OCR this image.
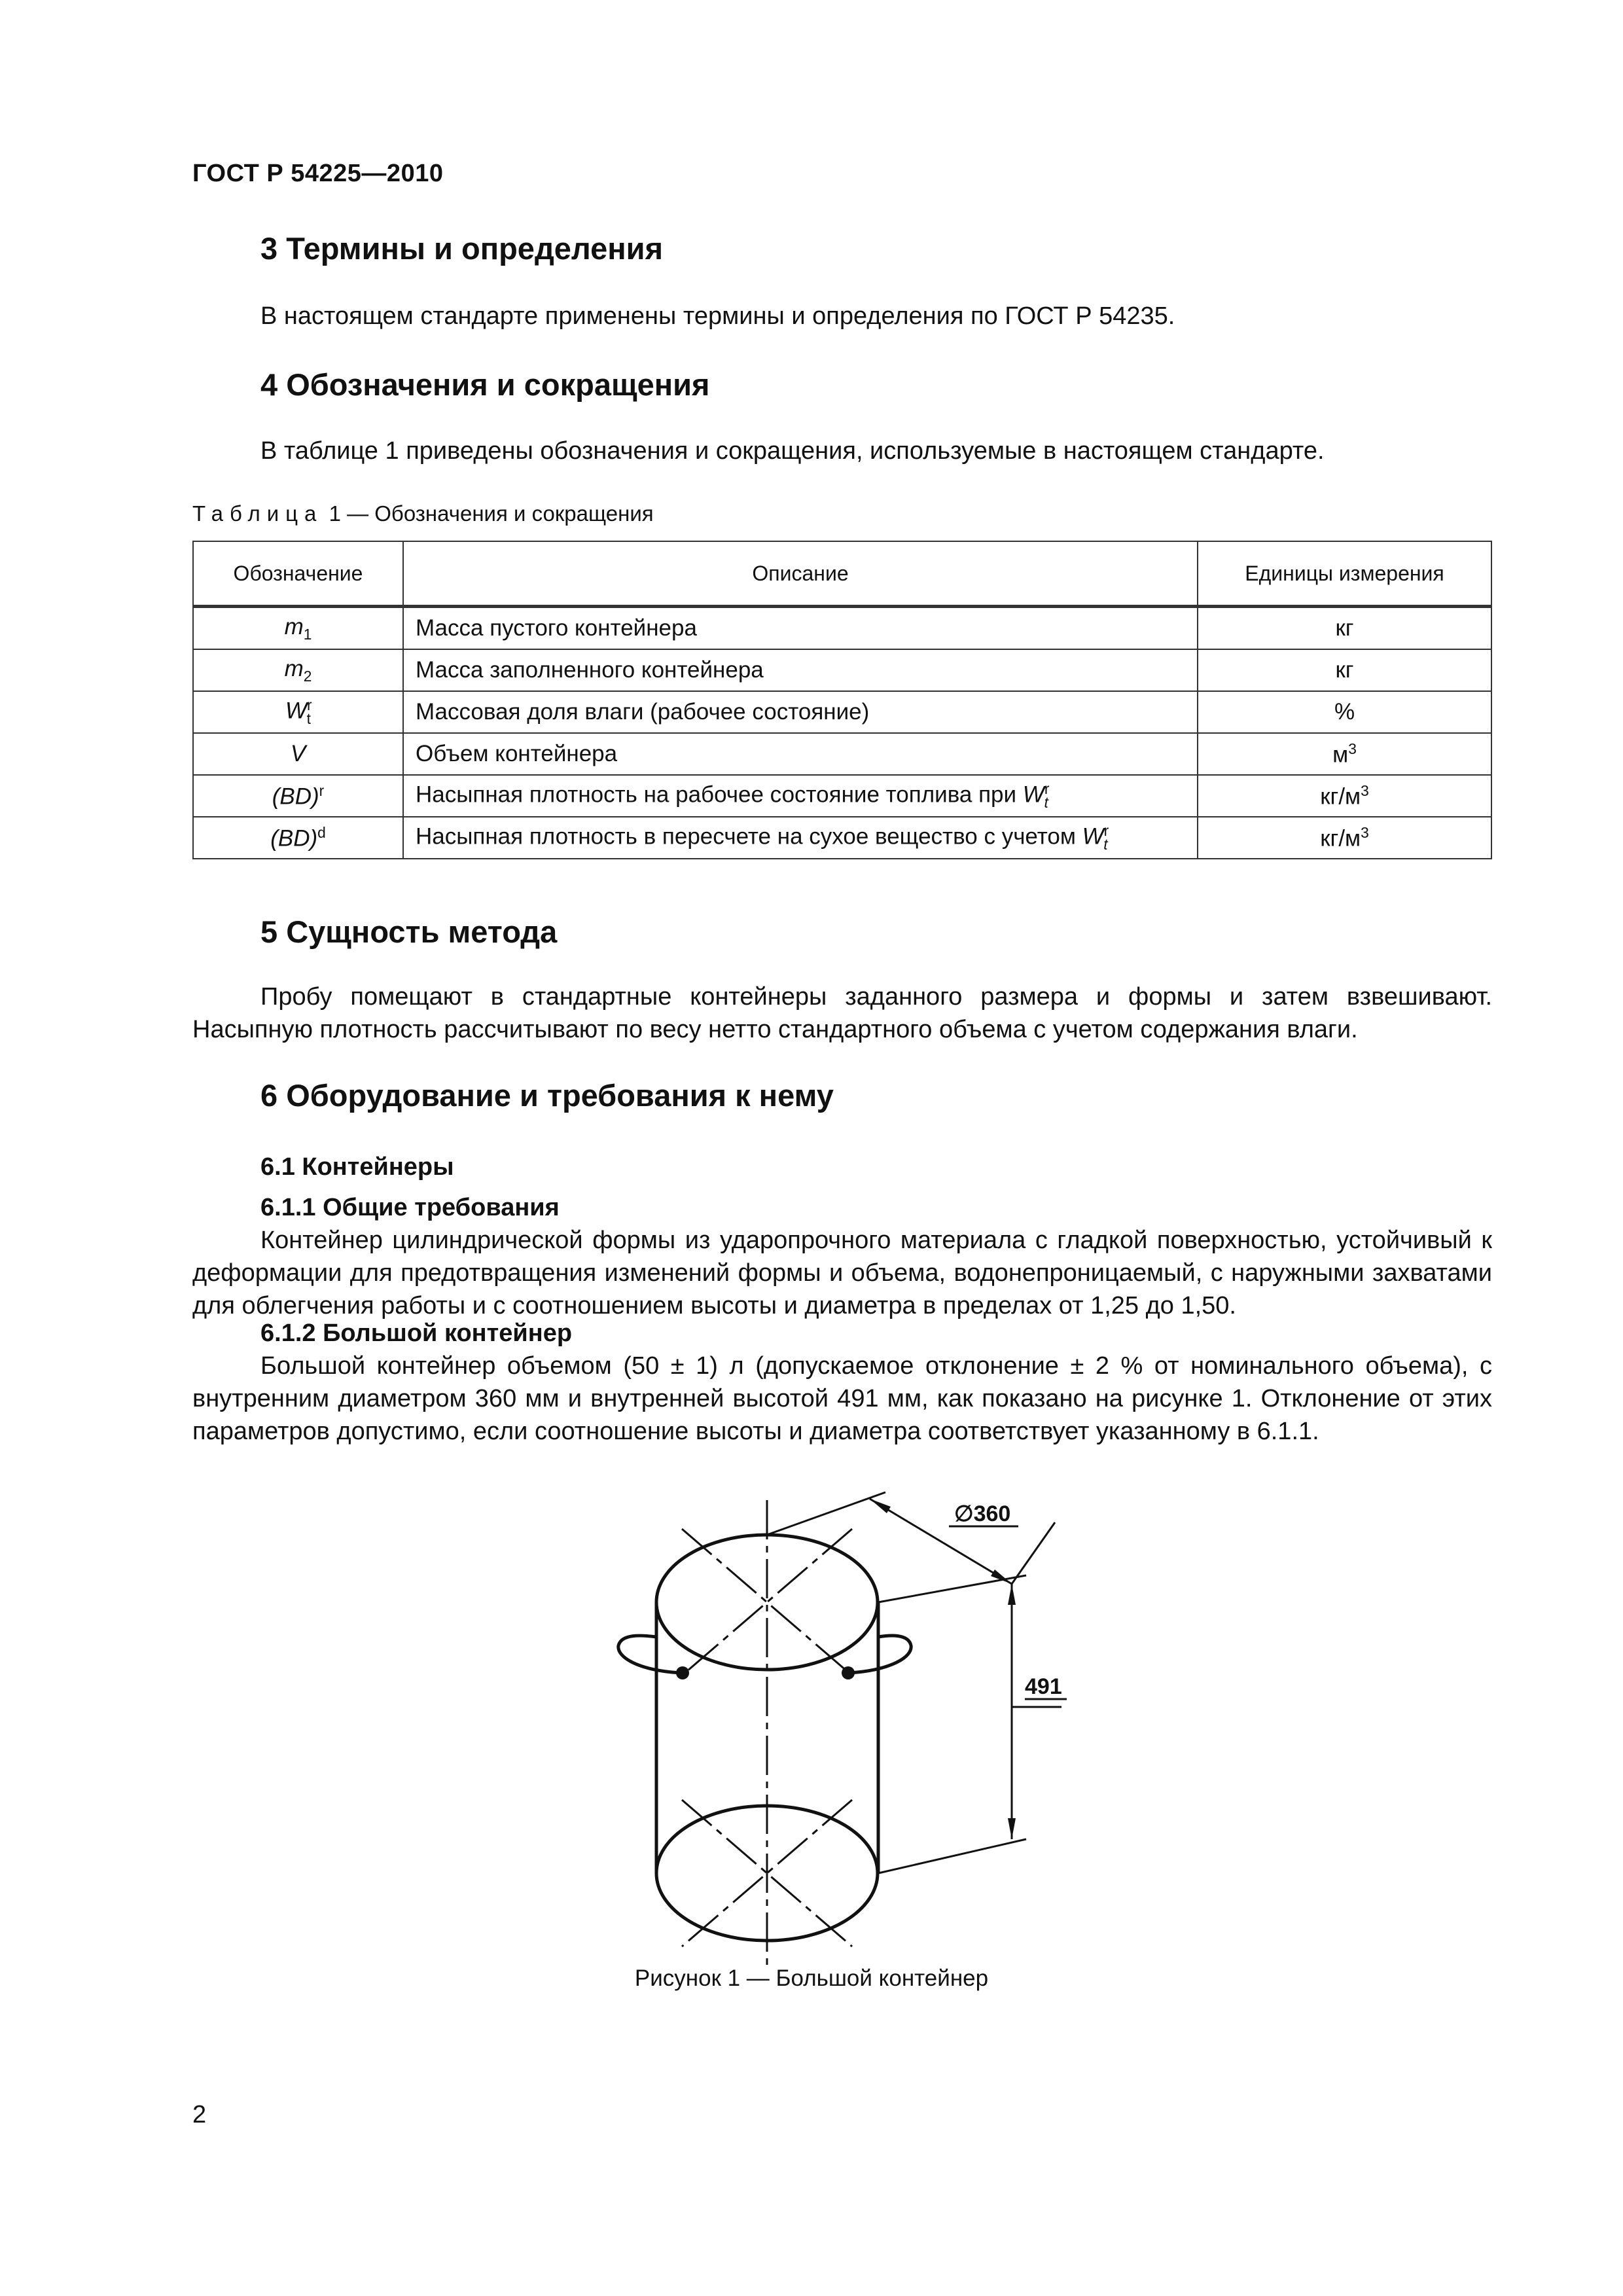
ГОСТ Р 54225—2010
3 Термины и определения
В настоящем стандарте применены термины и определения по ГОСТ Р 54235.
4 Обозначения и сокращения
В таблице 1 приведены обозначения и сокращения, используемые в настоящем стандарте.
Таблица 1 — Обозначения и сокращения
Обозначение	Описание	Единицы измерения
$m_1$	Масса пустого контейнера	кг
$m_2$	Масса заполненного контейнера	кг
$W^r_t$	Массовая доля влаги (рабочее состояние)	%
V	Объем контейнера	$м^3$
(BD)$^r$	Насыпная плотность на рабочее состояние топлива при $W^r_t$	$кг/м^3$
(BD)$^d$	Насыпная плотность в пересчете на сухое вещество с учетом $W^r_t$	$кг/м^3$
5 Сущность метода
Пробу помещают в стандартные контейнеры заданного размера и формы и затем взвешивают. Насыпную плотность рассчитывают по весу нетто стандартного объема с учетом содержания влаги.
6 Оборудование и требования к нему
6.1 Контейнеры
6.1.1 Общие требования
Контейнер цилиндрической формы из ударопрочного материала с гладкой поверхностью, устойчивый к деформации для предотвращения изменений формы и объема, водонепроницаемый, с наружными захватами для облегчения работы и с соотношением высоты и диаметра в пределах от 1,25 до 1,50.
6.1.2 Большой контейнер
Большой контейнер объемом (50 ± 1) л (допускаемое отклонение ± 2 % от номинального объема), с внутренним диаметром 360 мм и внутренней высотой 491 мм, как показано на рисунке 1. Отклонение от этих параметров допустимо, если соотношение высоты и диаметра соответствует указанному в 6.1.1.
∅360
491
Рисунок 1 — Большой контейнер
2
